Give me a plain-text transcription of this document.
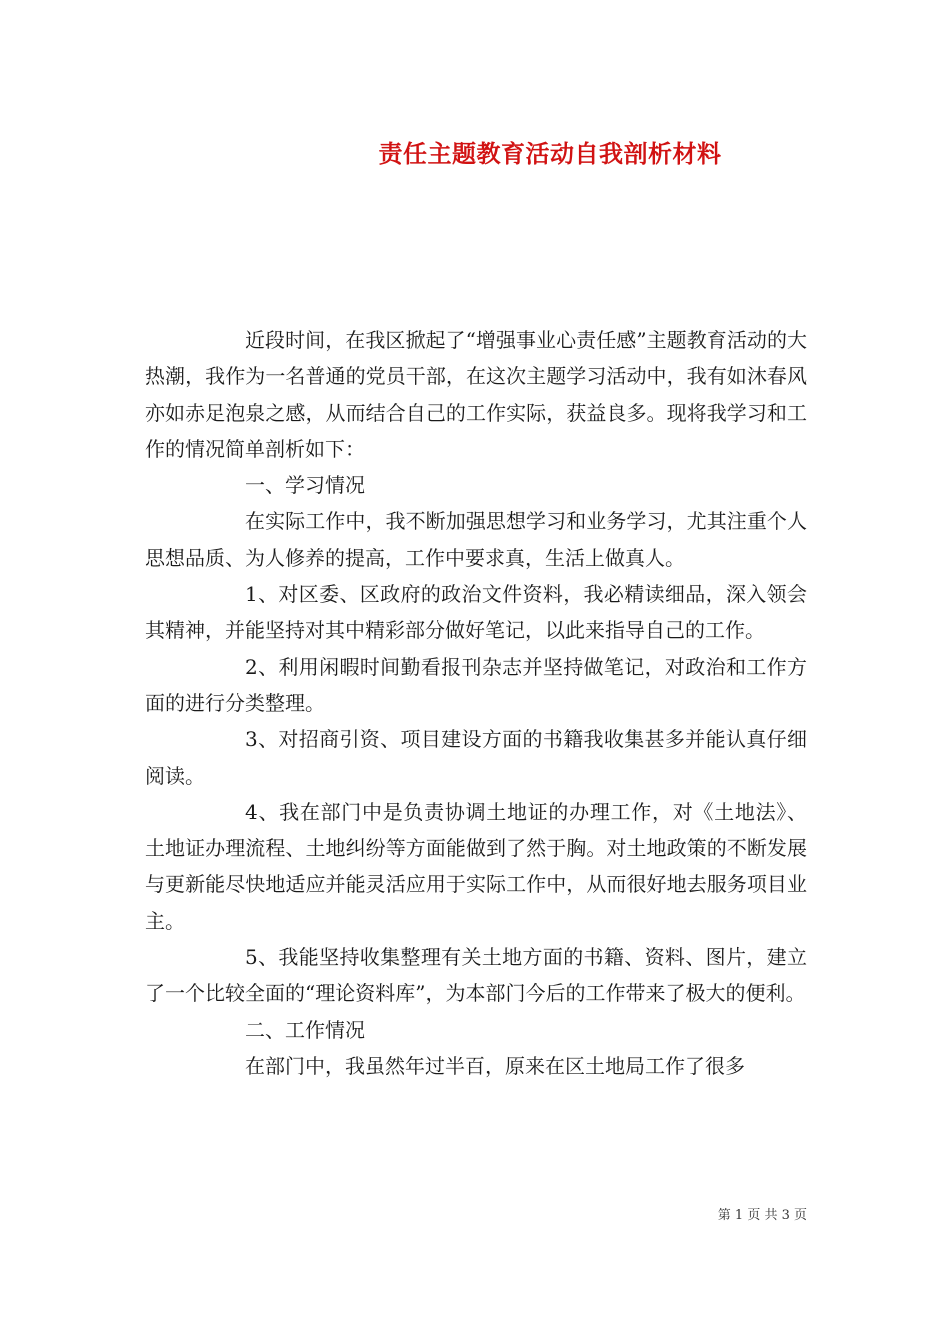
责任主题教育活动自我剖析材料

近段时间，在我区掀起了“增强事业心责任感”主题教育活动的大热潮，我作为一名普通的党员干部，在这次主题学习活动中，我有如沐春风亦如赤足泡泉之感，从而结合自己的工作实际，获益良多。现将我学习和工作的情况简单剖析如下：

一、学习情况

在实际工作中，我不断加强思想学习和业务学习，尤其注重个人思想品质、为人修养的提高，工作中要求真，生活上做真人。

1、对区委、区政府的政治文件资料，我必精读细品，深入领会其精神，并能坚持对其中精彩部分做好笔记，以此来指导自己的工作。

2、利用闲暇时间勤看报刊杂志并坚持做笔记，对政治和工作方面的进行分类整理。

3、对招商引资、项目建设方面的书籍我收集甚多并能认真仔细阅读。

4、我在部门中是负责协调土地证的办理工作，对《土地法》、土地证办理流程、土地纠纷等方面能做到了然于胸。对土地政策的不断发展与更新能尽快地适应并能灵活应用于实际工作中，从而很好地去服务项目业主。

5、我能坚持收集整理有关土地方面的书籍、资料、图片，建立了一个比较全面的“理论资料库”，为本部门今后的工作带来了极大的便利。

二、工作情况

在部门中，我虽然年过半百，原来在区土地局工作了很多

第 1 页 共 3 页
